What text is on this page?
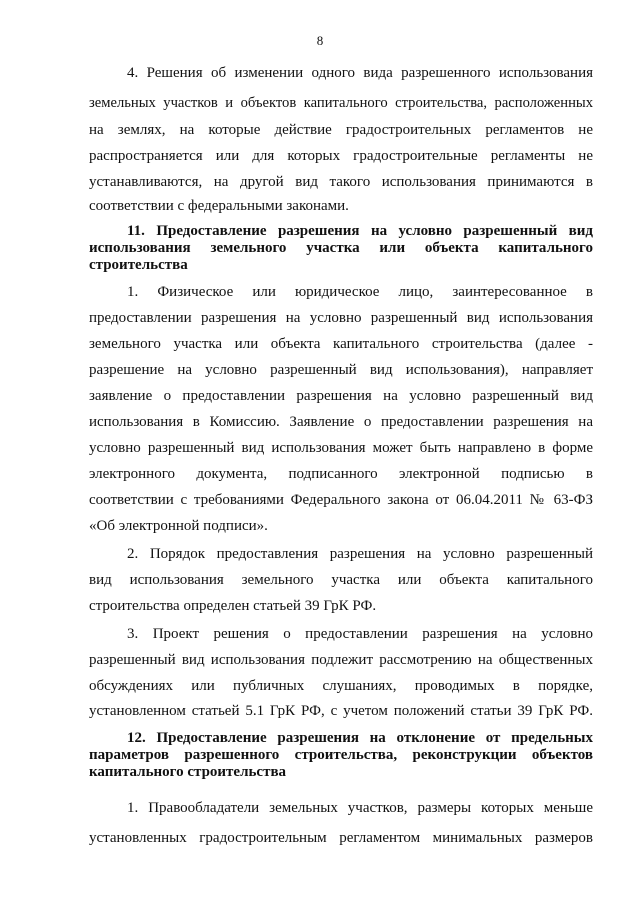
8
4. Решения об изменении одного вида разрешенного использования
земельных участков и объектов капитального строительства, расположенных
на землях, на которые действие градостроительных регламентов не
распространяется или для которых градостроительные регламенты не
устанавливаются, на другой вид такого использования принимаются в
соответствии с федеральными законами.
11. Предоставление разрешения на условно разрешенный вид
использования земельного участка или объекта капитального
строительства
1. Физическое или юридическое лицо, заинтересованное в
предоставлении разрешения на условно разрешенный вид использования
земельного участка или объекта капитального строительства (далее -
разрешение на условно разрешенный вид использования), направляет
заявление о предоставлении разрешения на условно разрешенный вид
использования в Комиссию. Заявление о предоставлении разрешения на
условно разрешенный вид использования может быть направлено в форме
электронного документа, подписанного электронной подписью в
соответствии с требованиями Федерального закона от 06.04.2011 № 63-ФЗ
«Об электронной подписи».
2. Порядок предоставления разрешения на условно разрешенный
вид использования земельного участка или объекта капитального
строительства определен статьей 39 ГрК РФ.
3. Проект решения о предоставлении разрешения на условно
разрешенный вид использования подлежит рассмотрению на общественных
обсуждениях или публичных слушаниях, проводимых в порядке,
установленном статьей 5.1 ГрК РФ, с учетом положений статьи 39 ГрК РФ.
12. Предоставление разрешения на отклонение от предельных
параметров разрешенного строительства, реконструкции объектов
капитального строительства
1. Правообладатели земельных участков, размеры которых меньше
установленных градостроительным регламентом минимальных размеров
